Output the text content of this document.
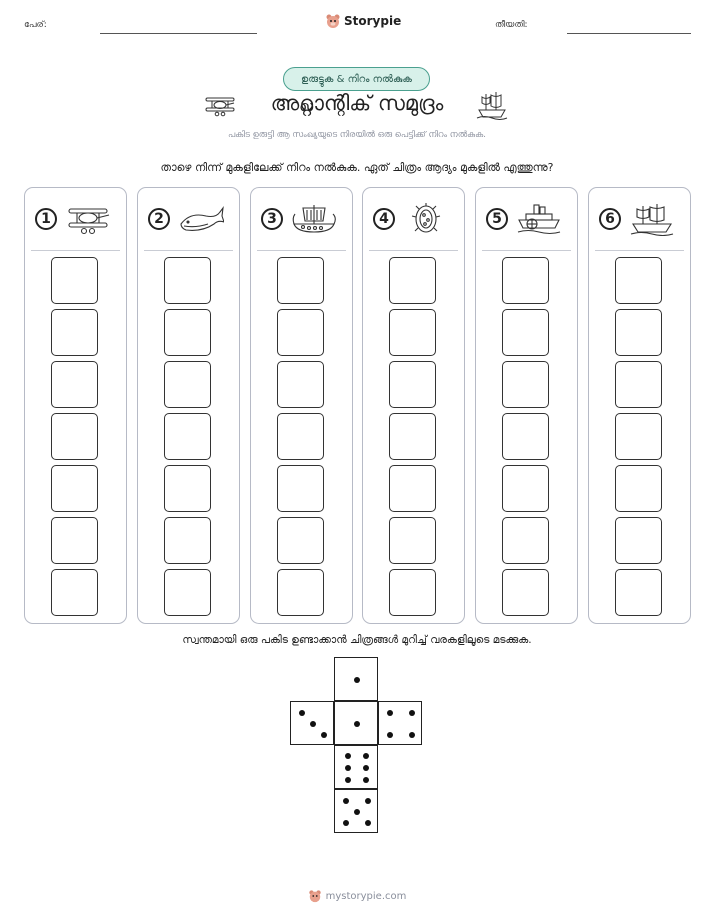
പേര്:	Storypie	തീയതി:
ഉരുട്ടുക & നിറം നൽകുക
അറ്റ്ലാന്റിക് സമുദ്രം
പകിട ഉരുട്ടി ആ സംഖ്യയുടെ നിരയിൽ ഒരു പെട്ടിക്ക് നിറം നൽകുക.
താഴെ നിന്ന് മുകളിലേക്ക് നിറം നൽകുക. ഏത് ചിത്രം ആദ്യം മുകളിൽ എത്തുന്നു?
1	2	3	4	5	6
സ്വന്തമായി ഒരു പകിട ഉണ്ടാക്കാൻ ചിത്രങ്ങൾ മുറിച്ച് വരകളിലൂടെ മടക്കുക.
mystorypie.com
